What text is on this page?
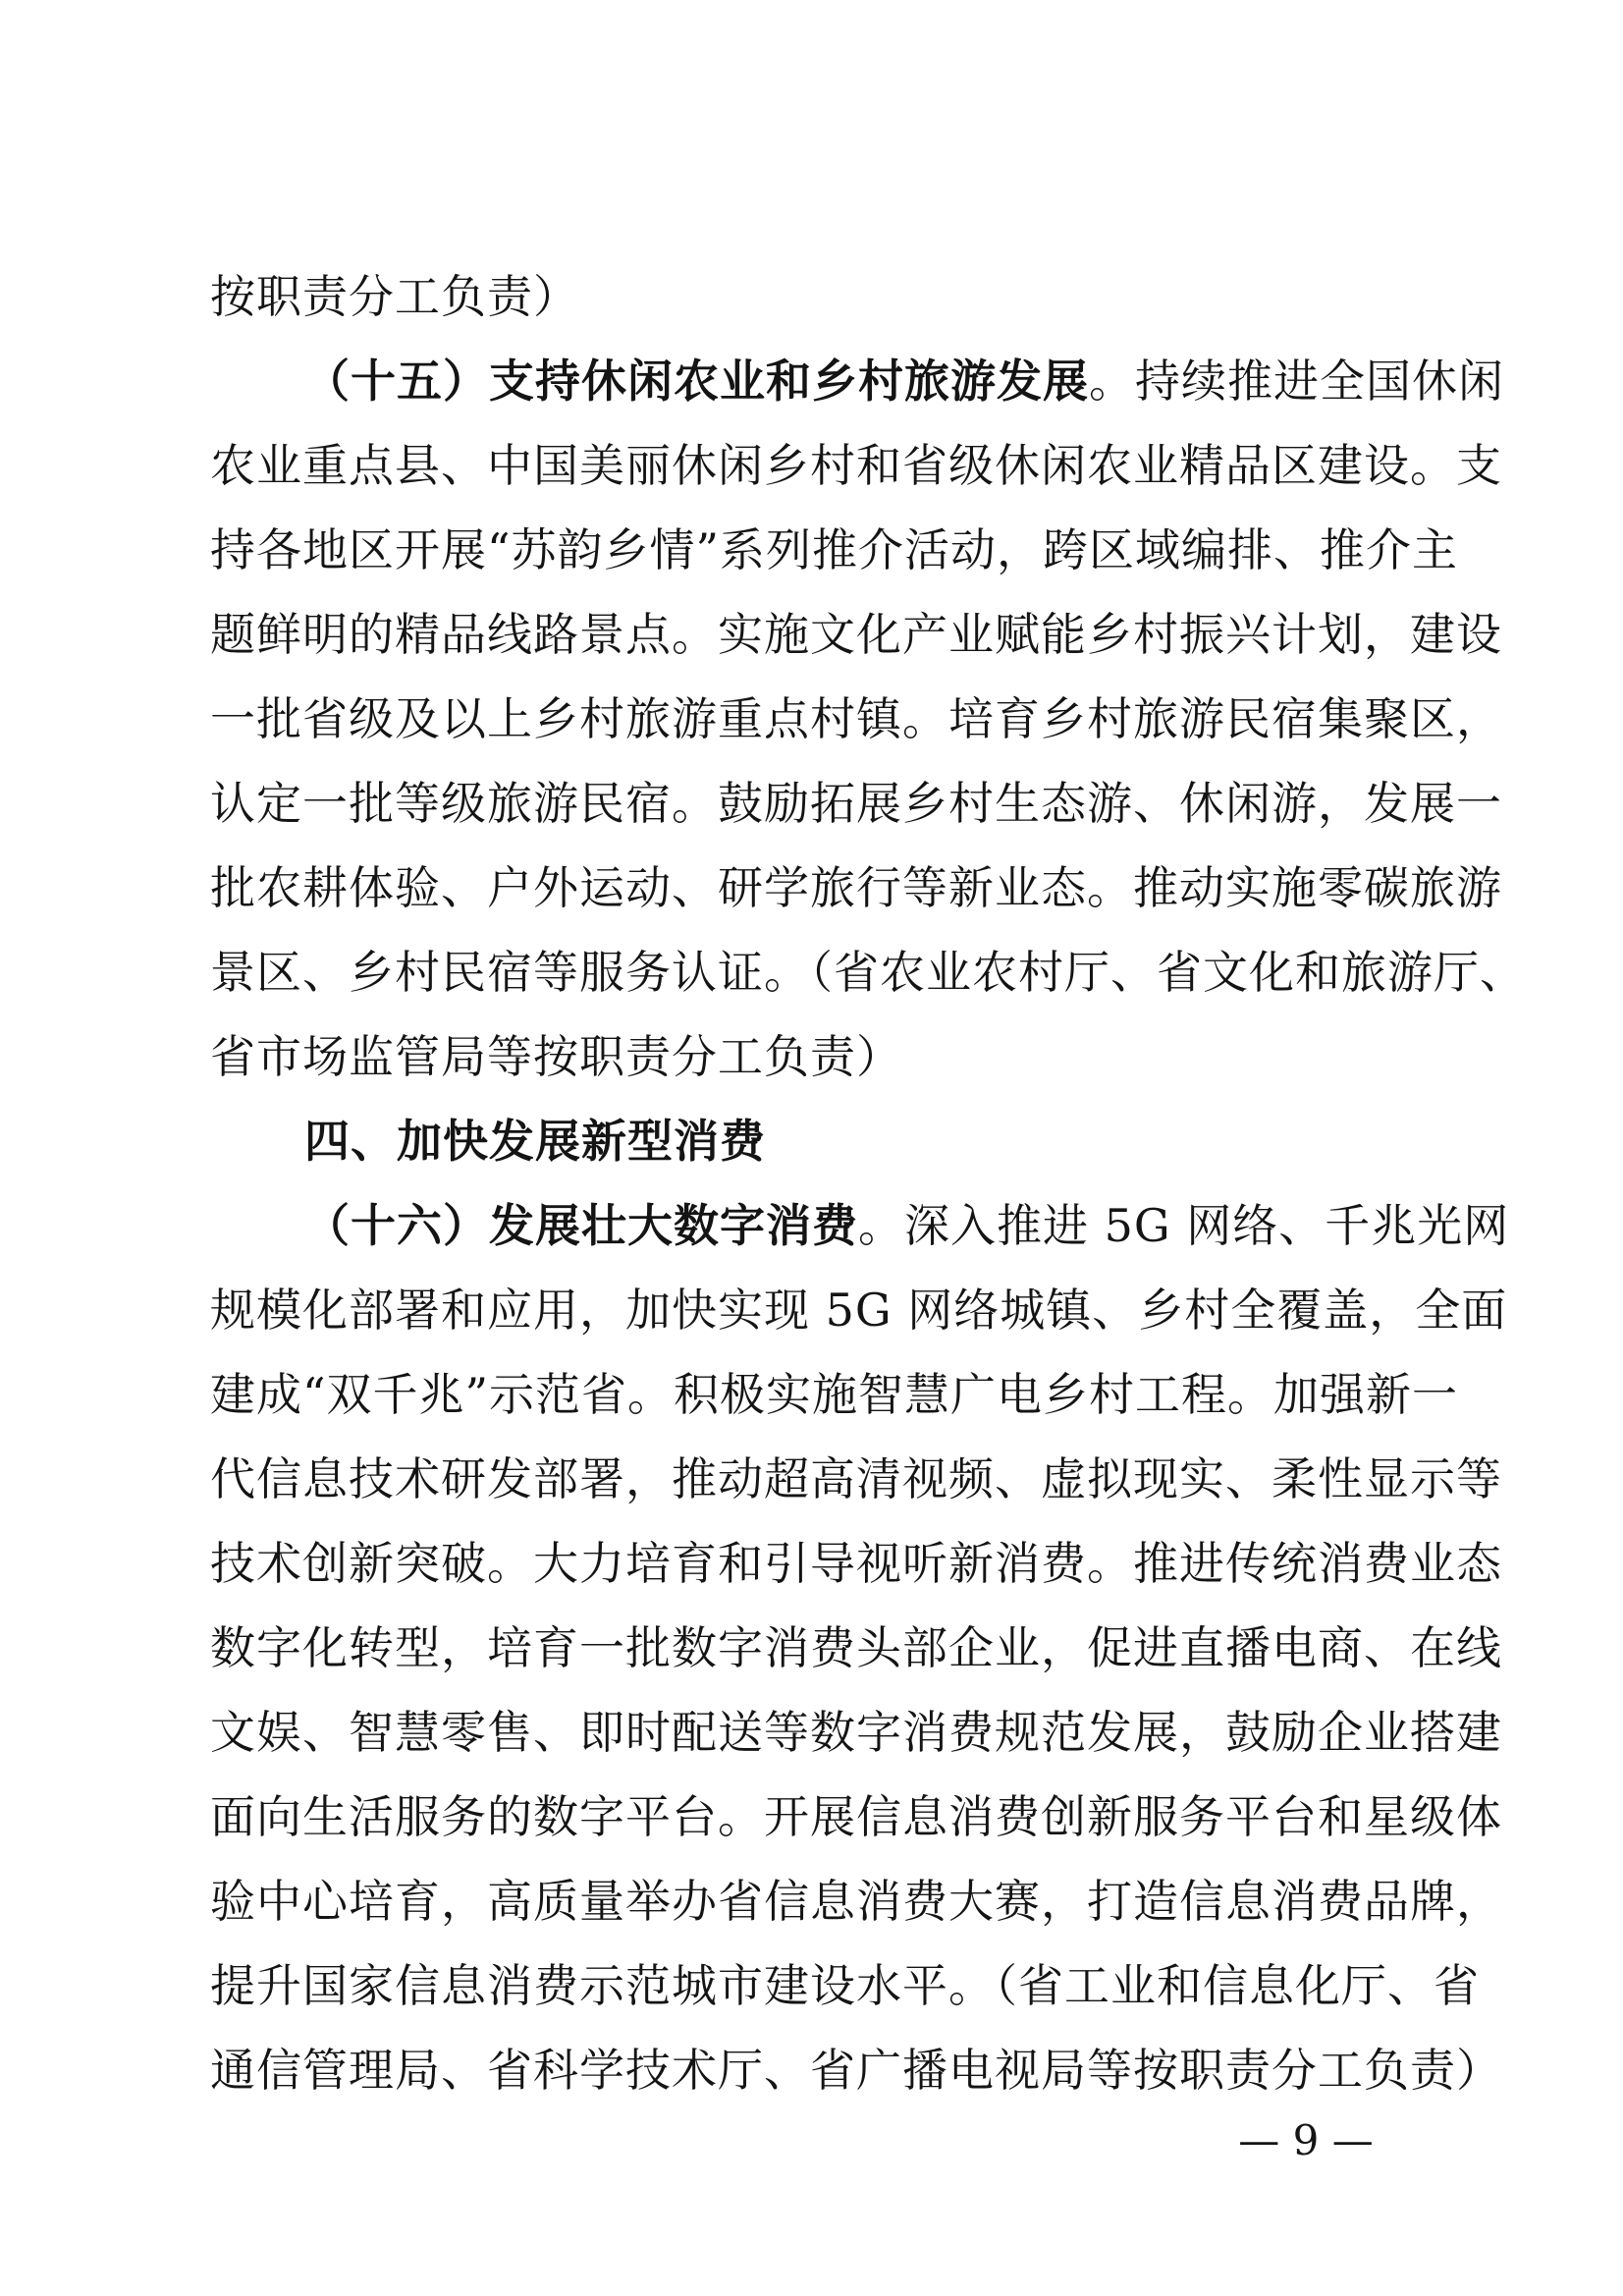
按职责分工负责）
（十五）支持休闲农业和乡村旅游发展。持续推进全国休闲
农业重点县、中国美丽休闲乡村和省级休闲农业精品区建设。支
持各地区开展“苏韵乡情”系列推介活动，跨区域编排、推介主
题鲜明的精品线路景点。实施文化产业赋能乡村振兴计划，建设
一批省级及以上乡村旅游重点村镇。培育乡村旅游民宿集聚区，
认定一批等级旅游民宿。鼓励拓展乡村生态游、休闲游，发展一
批农耕体验、户外运动、研学旅行等新业态。推动实施零碳旅游
景区、乡村民宿等服务认证。（省农业农村厅、省文化和旅游厅、
省市场监管局等按职责分工负责）
四、加快发展新型消费
（十六）发展壮大数字消费。深入推进 5G 网络、千兆光网
规模化部署和应用，加快实现 5G 网络城镇、乡村全覆盖，全面
建成“双千兆”示范省。积极实施智慧广电乡村工程。加强新一
代信息技术研发部署，推动超高清视频、虚拟现实、柔性显示等
技术创新突破。大力培育和引导视听新消费。推进传统消费业态
数字化转型，培育一批数字消费头部企业，促进直播电商、在线
文娱、智慧零售、即时配送等数字消费规范发展，鼓励企业搭建
面向生活服务的数字平台。开展信息消费创新服务平台和星级体
验中心培育，高质量举办省信息消费大赛，打造信息消费品牌，
提升国家信息消费示范城市建设水平。（省工业和信息化厅、省
通信管理局、省科学技术厅、省广播电视局等按职责分工负责）
— 9 —
